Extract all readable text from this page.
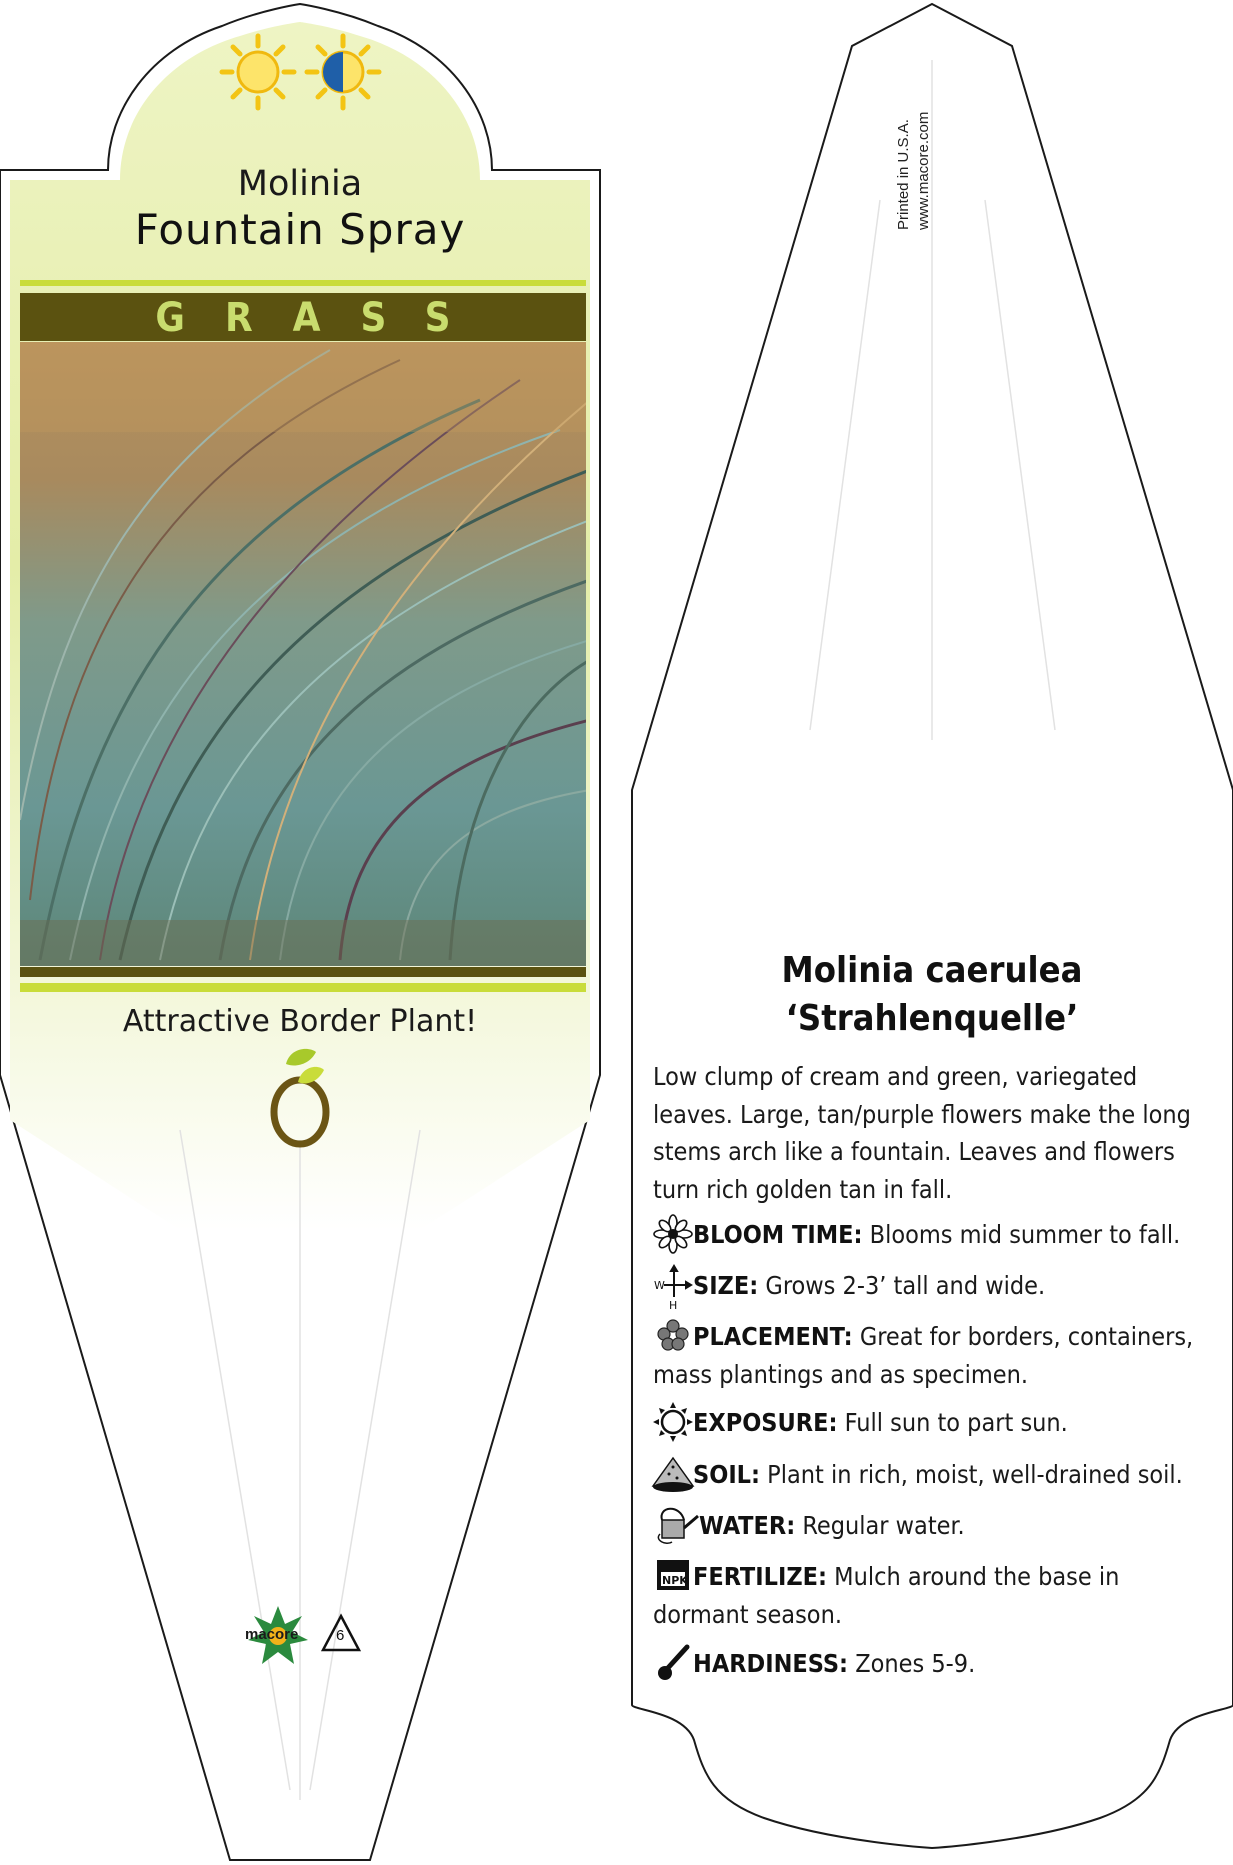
W
H
NPK
Molinia
Fountain Spray
GRASS
Attractive Border Plant!
macore	6
Printed in U.S.A. www.macore.com
Molinia caerulea
‘Strahlenquelle’
Low clump of cream and green, variegated leaves. Large, tan/purple flowers make the long stems arch like a fountain. Leaves and flowers turn rich golden tan in fall.
BLOOM TIME: Blooms mid summer to fall.
SIZE: Grows 2-3’ tall and wide.
PLACEMENT: Great for borders, containers, mass plantings and as specimen.
EXPOSURE: Full sun to part sun.
SOIL: Plant in rich, moist, well-drained soil.
WATER: Regular water.
FERTILIZE: Mulch around the base in dormant season.
HARDINESS: Zones 5-9.
